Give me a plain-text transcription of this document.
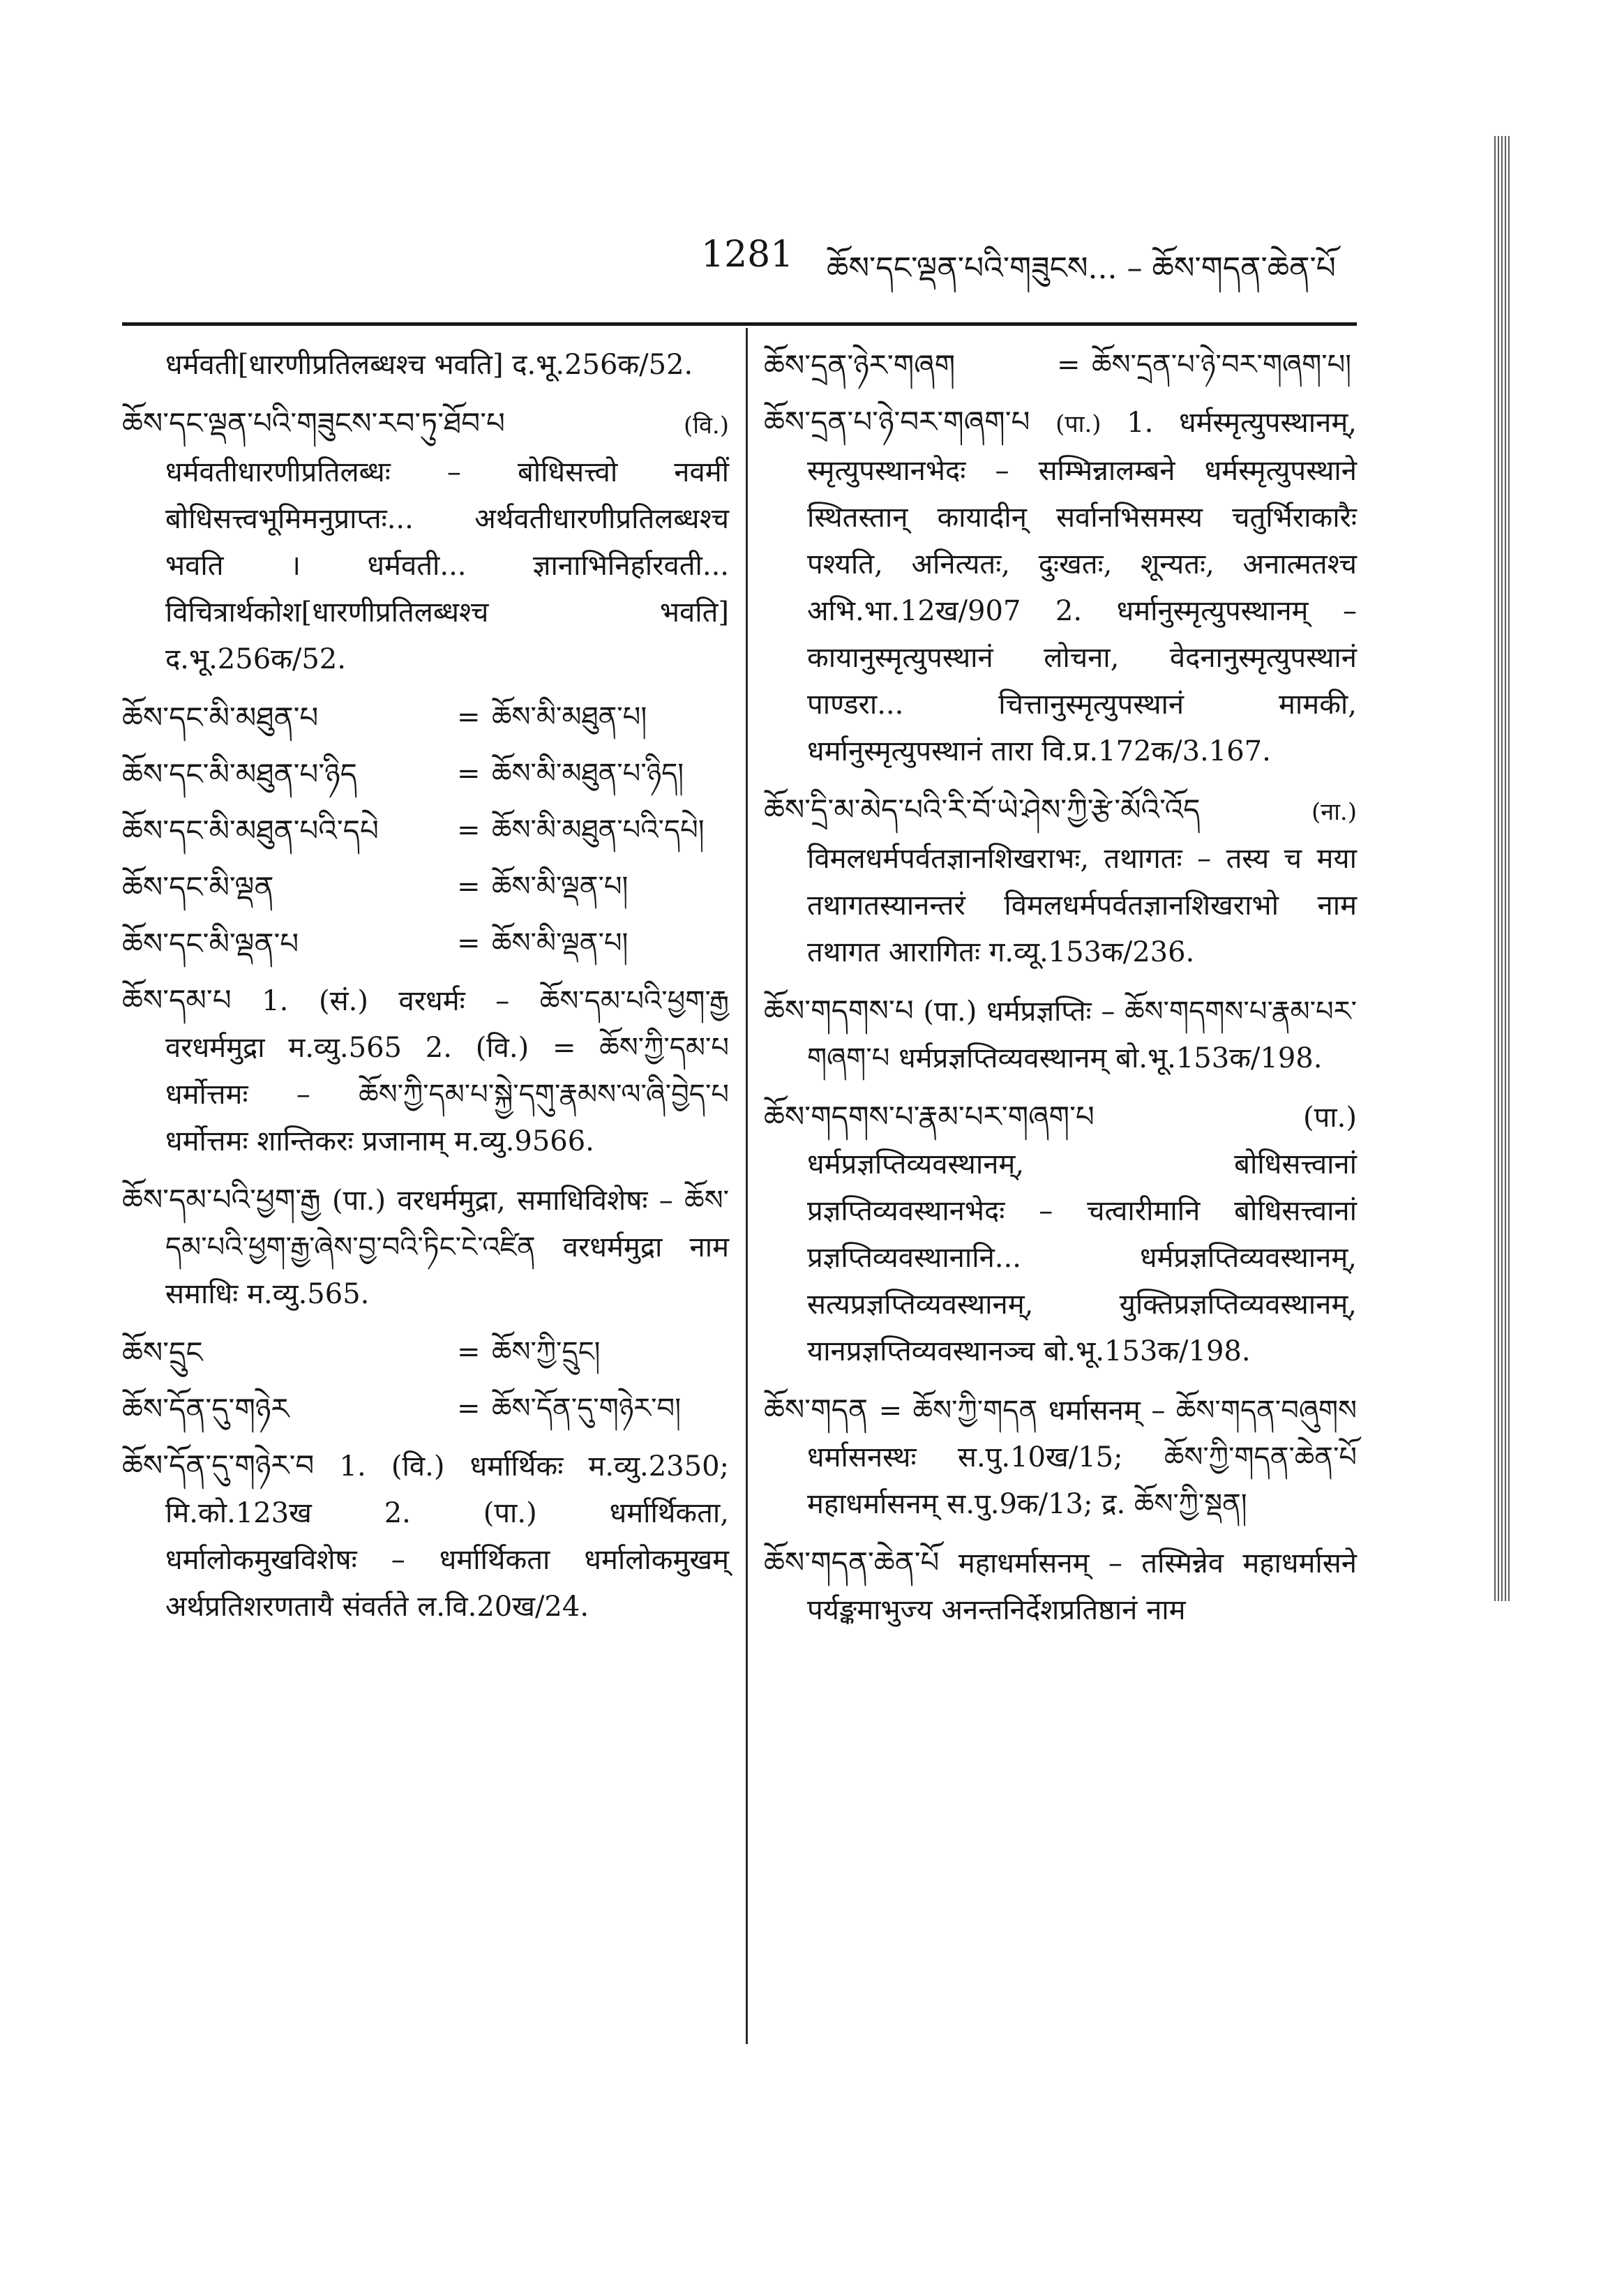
1281 ཆོས་དང་ལྡན་པའི་གཟུངས... – ཆོས་གདན་ཆེན་པོ

धर्मवती[धारणीप्रतिलब्धश्च भवति] द.भू.256क/52.

ཆོས་དང་ལྡན་པའི་གཟུངས་རབ་ཏུ་ཐོབ་པ	(वि.) धर्मवतीधारणीप्रतिलब्धः – बोधिसत्त्वो नवमीं बोधिसत्त्वभूमिमनुप्राप्तः... अर्थवतीधारणीप्रतिलब्धश्च भवति । धर्मवती... ज्ञानाभिनिर्हारवती... विचित्रार्थकोश[धारणीप्रतिलब्धश्च भवति] द.भू.256क/52.

ཆོས་དང་མི་མཐུན་པ	= ཆོས་མི་མཐུན་པ།
ཆོས་དང་མི་མཐུན་པ་ཉིད	= ཆོས་མི་མཐུན་པ་ཉིད།
ཆོས་དང་མི་མཐུན་པའི་དཔེ	= ཆོས་མི་མཐུན་པའི་དཔེ།
ཆོས་དང་མི་ལྡན	= ཆོས་མི་ལྡན་པ།
ཆོས་དང་མི་ལྡན་པ	= ཆོས་མི་ལྡན་པ།

ཆོས་དམ་པ 1. (सं.) वरधर्मः – ཆོས་དམ་པའི་ཕྱག་རྒྱ वरधर्ममुद्रा म.व्यु.565 2. (वि.) = ཆོས་ཀྱི་དམ་པ धर्मोत्तमः – ཆོས་ཀྱི་དམ་པ་སྐྱེ་དགུ་རྣམས་ལ་ཞི་བྱེད་པ धर्मोत्तमः शान्तिकरः प्रजानाम् म.व्यु.9566.

ཆོས་དམ་པའི་ཕྱག་རྒྱ (पा.) वरधर्ममुद्रा, समाधिविशेषः – ཆོས་དམ་པའི་ཕྱག་རྒྱ་ཞེས་བྱ་བའི་ཏིང་ངེ་འཛིན वरधर्ममुद्रा नाम समाधिः म.व्यु.565.

ཆོས་དྲུང	= ཆོས་ཀྱི་དྲུང།
ཆོས་དོན་དུ་གཉེར	= ཆོས་དོན་དུ་གཉེར་བ།

ཆོས་དོན་དུ་གཉེར་བ 1. (वि.) धर्मार्थिकः म.व्यु.2350; मि.को.123ख 2. (पा.) धर्मार्थिकता, धर्मालोकमुखविशेषः – धर्मार्थिकता धर्मालोकमुखम् अर्थप्रतिशरणतायै संवर्तते ल.वि.20ख/24.

ཆོས་དྲན་ཉེར་གཞག	= ཆོས་དྲན་པ་ཉེ་བར་གཞག་པ།

ཆོས་དྲན་པ་ཉེ་བར་གཞག་པ (पा.) 1. धर्मस्मृत्युपस्थानम्, स्मृत्युपस्थानभेदः – सम्भिन्नालम्बने धर्मस्मृत्युपस्थाने स्थितस्तान् कायादीन् सर्वानभिसमस्य चतुर्भिराकारैः पश्यति, अनित्यतः, दुःखतः, शून्यतः, अनात्मतश्च अभि.भा.12ख/907 2. धर्मानुस्मृत्युपस्थानम् – कायानुस्मृत्युपस्थानं लोचना, वेदनानुस्मृत्युपस्थानं पाण्डरा... चित्तानुस्मृत्युपस्थानं मामकी, धर्मानुस्मृत्युपस्थानं तारा वि.प्र.172क/3.167.

ཆོས་དྲི་མ་མེད་པའི་རི་བོ་ཡེ་ཤེས་ཀྱི་རྩེ་མོའི་འོད	(ना.) विमलधर्मपर्वतज्ञानशिखराभः, तथागतः – तस्य च मया तथागतस्यानन्तरं विमलधर्मपर्वतज्ञानशिखराभो नाम तथागत आरागितः ग.व्यू.153क/236.

ཆོས་གདགས་པ (पा.) धर्मप्रज्ञप्तिः – ཆོས་གདགས་པ་རྣམ་པར་གཞག་པ धर्मप्रज्ञप्तिव्यवस्थानम् बो.भू.153क/198.

ཆོས་གདགས་པ་རྣམ་པར་གཞག་པ	(पा.) धर्मप्रज्ञप्तिव्यवस्थानम्, बोधिसत्त्वानां प्रज्ञप्तिव्यवस्थानभेदः – चत्वारीमानि बोधिसत्त्वानां प्रज्ञप्तिव्यवस्थानानि... धर्मप्रज्ञप्तिव्यवस्थानम्, सत्यप्रज्ञप्तिव्यवस्थानम्, युक्तिप्रज्ञप्तिव्यवस्थानम्, यानप्रज्ञप्तिव्यवस्थानञ्च बो.भू.153क/198.

ཆོས་གདན = ཆོས་ཀྱི་གདན धर्मासनम् – ཆོས་གདན་བཞུགས धर्मासनस्थः स.पु.10ख/15; ཆོས་ཀྱི་གདན་ཆེན་པོ महाधर्मासनम् स.पु.9क/13; द्र. ཆོས་ཀྱི་སྡན།

ཆོས་གདན་ཆེན་པོ महाधर्मासनम् – तस्मिन्नेव महाधर्मासने पर्यङ्कमाभुज्य अनन्तनिर्देशप्रतिष्ठानं नाम
